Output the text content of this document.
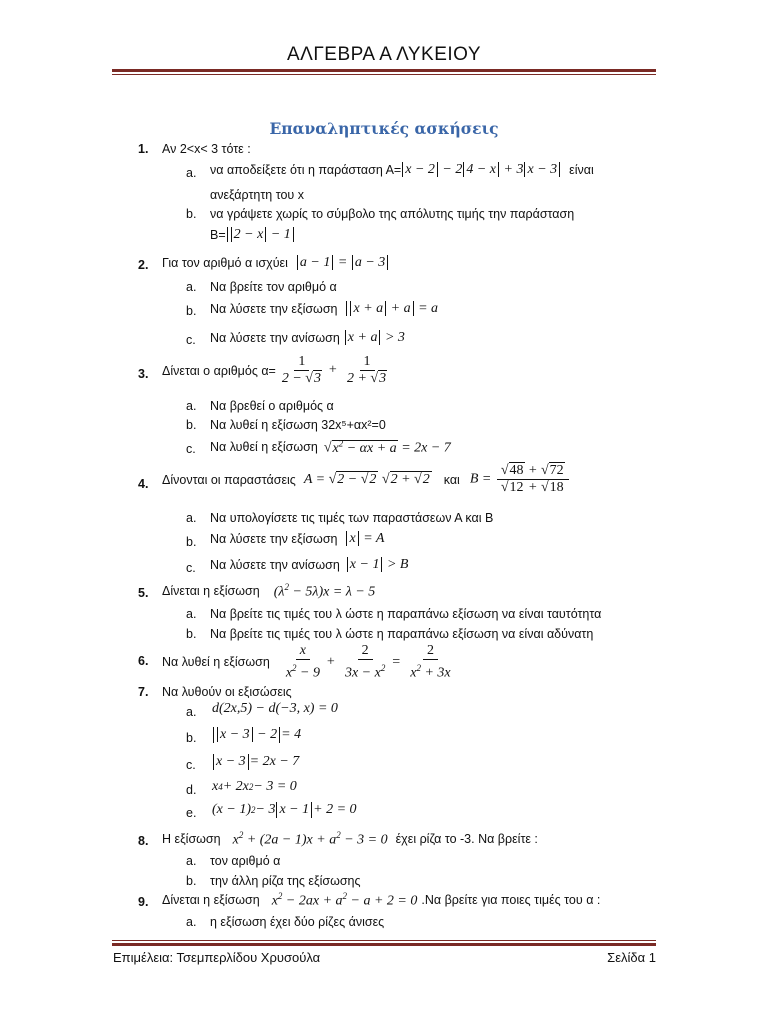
ΑΛΓΕΒΡΑ Α ΛΥΚΕΙΟΥ
Επαναληπτικές ασκήσεις
1. Αν 2<x< 3 τότε :
a. να αποδείξετε ότι η παράσταση Α= x − 2 − 2 4 − x + 3 x − 3 είναι
ανεξάρτητη του x
b. να γράψετε χωρίς το σύμβολο της απόλυτης τιμής την παράσταση
Β= 2 − x − 1
2. Για τον αριθμό α ισχύει a − 1 = a − 3
a. Να βρείτε τον αριθμό α
b. Να λύσετε την εξίσωση	x + a + a = a
c. Να λύσετε την ανίσωση x + a > 3
3. Δίνεται ο αριθμός $\alpha= \frac{1}{2 - √3} + \frac{1}{2 + √3}$
a. Να βρεθεί ο αριθμός α
b. Να λυθεί η εξίσωση 32x⁵+αx²=0
c. Να λυθεί η εξίσωση $√x^2 - \alpha x + a = 2x - 7$
4. Δίνονται οι παραστάσεις A = √2 − √2 √2 + √2 και $B = \frac{√48 + √72}{√12 + √18}$
a. Να υπολογίσετε τις τιμές των παραστάσεων Α και Β
b. Να λύσετε την εξίσωση x = A
c. Να λύσετε την ανίσωση x − 1 > B
5. Δίνεται η εξίσωση $(\lambda^2 - 5\lambda)x = \lambda - 5$
a. Να βρείτε τις τιμές του λ ώστε η παραπάνω εξίσωση να είναι ταυτότητα
b. Να βρείτε τις τιμές του λ ώστε η παραπάνω εξίσωση να είναι αδύνατη
6. Να λυθεί η εξίσωση $\frac{x}{x^2 - 9} + \frac{2}{3x - x^2} = \frac{2}{x^2 + 3x}$
7. Να λυθούν οι εξισώσεις
a. d(2x,5) − d(−3, x) = 0
b.	x − 3 − 2 = 4
c. x − 3 = 2x − 7
d. x 4 + 2x 2 − 3 = 0
e. (x − 1) 2 − 3 x − 1 + 2 = 0
8. Η εξίσωση $x^2 + (2a - 1)x + a^2 - 3 = 0$ έχει ρίζα το -3. Να βρείτε :
a. τον αριθμό α
b. την άλλη ρίζα της εξίσωσης
9. Δίνεται η εξίσωση $x^2 - 2ax + a^2 - a + 2 = 0$ .Να βρείτε για ποιες τιμές του α :
a. η εξίσωση έχει δύο ρίζες άνισες
Επιμέλεια: Τσεμπερλίδου Χρυσούλα	Σελίδα 1
